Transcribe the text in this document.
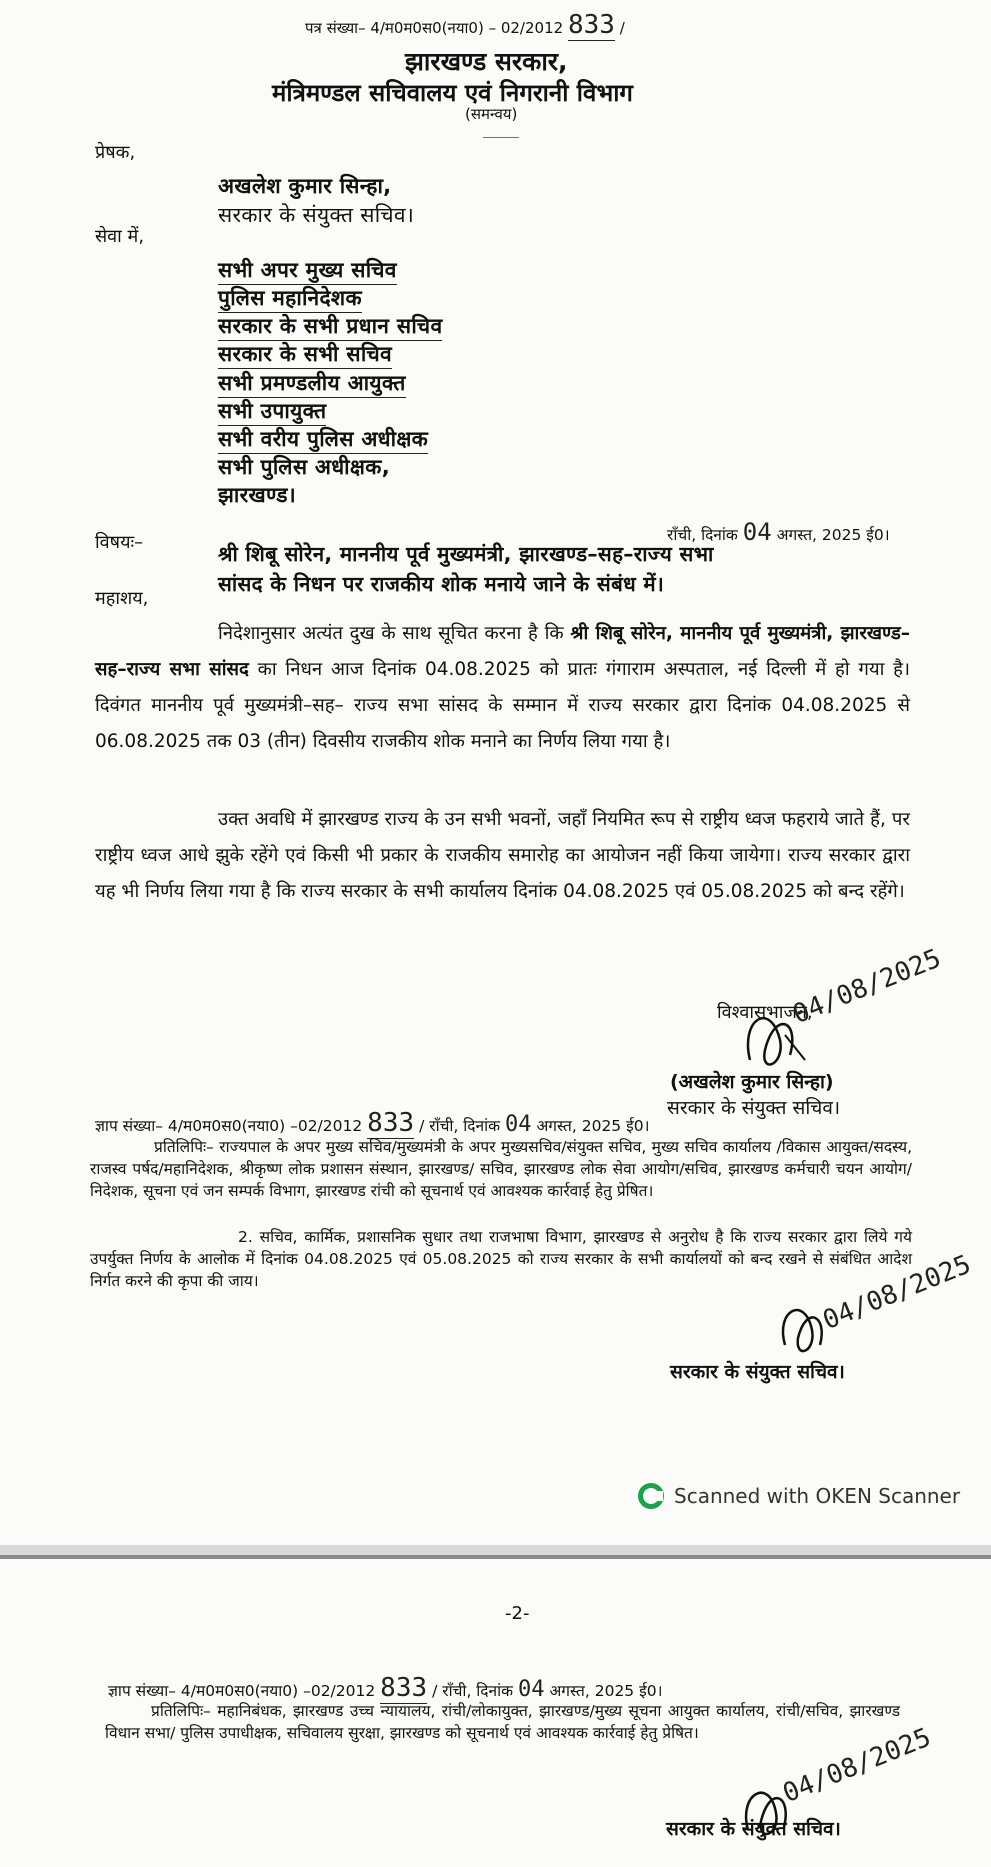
पत्र संख्या– 4/म0म0स0(नया0) – 02/2012 833 /
झारखण्ड सरकार,
मंत्रिमण्डल सचिवालय एवं निगरानी विभाग
(समन्वय)
प्रेषक,
अखलेश कुमार सिन्हा,
सरकार के संयुक्त सचिव।
सेवा में,
सभी अपर मुख्य सचिव
पुलिस महानिदेशक
सरकार के सभी प्रधान सचिव
सरकार के सभी सचिव
सभी प्रमण्डलीय आयुक्त
सभी उपायुक्त
सभी वरीय पुलिस अधीक्षक
सभी पुलिस अधीक्षक,
झारखण्ड।
राँची, दिनांक 04 अगस्त, 2025 ई0।
विषयः–	श्री शिबू सोरेन, माननीय पूर्व मुख्यमंत्री, झारखण्ड–सह–राज्य सभा
सांसद के निधन पर राजकीय शोक मनाये जाने के संबंध में।
महाशय,
निदेशानुसार अत्यंत दुख के साथ सूचित करना है कि श्री शिबू सोरेन, माननीय पूर्व मुख्यमंत्री, झारखण्ड–सह–राज्य सभा सांसद का निधन आज दिनांक 04.08.2025 को प्रातः गंगाराम अस्पताल, नई दिल्ली में हो गया है। दिवंगत माननीय पूर्व मुख्यमंत्री–सह– राज्य सभा सांसद के सम्मान में राज्य सरकार द्वारा दिनांक 04.08.2025 से 06.08.2025 तक 03 (तीन) दिवसीय राजकीय शोक मनाने का निर्णय लिया गया है।
उक्त अवधि में झारखण्ड राज्य के उन सभी भवनों, जहाँ नियमित रूप से राष्ट्रीय ध्वज फहराये जाते हैं, पर राष्ट्रीय ध्वज आधे झुके रहेंगे एवं किसी भी प्रकार के राजकीय समारोह का आयोजन नहीं किया जायेगा। राज्य सरकार द्वारा यह भी निर्णय लिया गया है कि राज्य सरकार के सभी कार्यालय दिनांक 04.08.2025 एवं 05.08.2025 को बन्द रहेंगे।
विश्वासभाजन,
04/08/2025
(अखलेश कुमार सिन्हा)
सरकार के संयुक्त सचिव।
ज्ञाप संख्या– 4/म0म0स0(नया0) –02/2012 833 / राँची, दिनांक 04 अगस्त, 2025 ई0।
प्रतिलिपिः– राज्यपाल के अपर मुख्य सचिव/मुख्यमंत्री के अपर मुख्यसचिव/संयुक्त सचिव, मुख्य सचिव कार्यालय /विकास आयुक्त/सदस्य, राजस्व पर्षद/महानिदेशक, श्रीकृष्ण लोक प्रशासन संस्थान, झारखण्ड/ सचिव, झारखण्ड लोक सेवा आयोग/सचिव, झारखण्ड कर्मचारी चयन आयोग/निदेशक, सूचना एवं जन सम्पर्क विभाग, झारखण्ड रांची को सूचनार्थ एवं आवश्यक कार्रवाई हेतु प्रेषित।
2. सचिव, कार्मिक, प्रशासनिक सुधार तथा राजभाषा विभाग, झारखण्ड से अनुरोध है कि राज्य सरकार द्वारा लिये गये उपर्युक्त निर्णय के आलोक में दिनांक 04.08.2025 एवं 05.08.2025 को राज्य सरकार के सभी कार्यालयों को बन्द रखने से संबंधित आदेश निर्गत करने की कृपा की जाय।	04/08/2025
सरकार के संयुक्त सचिव।
Scanned with OKEN Scanner
-2-
ज्ञाप संख्या– 4/म0म0स0(नया0) –02/2012 833 / राँची, दिनांक 04 अगस्त, 2025 ई0।
प्रतिलिपिः– महानिबंधक, झारखण्ड उच्च न्यायालय, रांची/लोकायुक्त, झारखण्ड/मुख्य सूचना आयुक्त कार्यालय, रांची/सचिव, झारखण्ड विधान सभा/ पुलिस उपाधीक्षक, सचिवालय सुरक्षा, झारखण्ड को सूचनार्थ एवं आवश्यक कार्रवाई हेतु प्रेषित।	04/08/2025
सरकार के संयुक्त सचिव।
